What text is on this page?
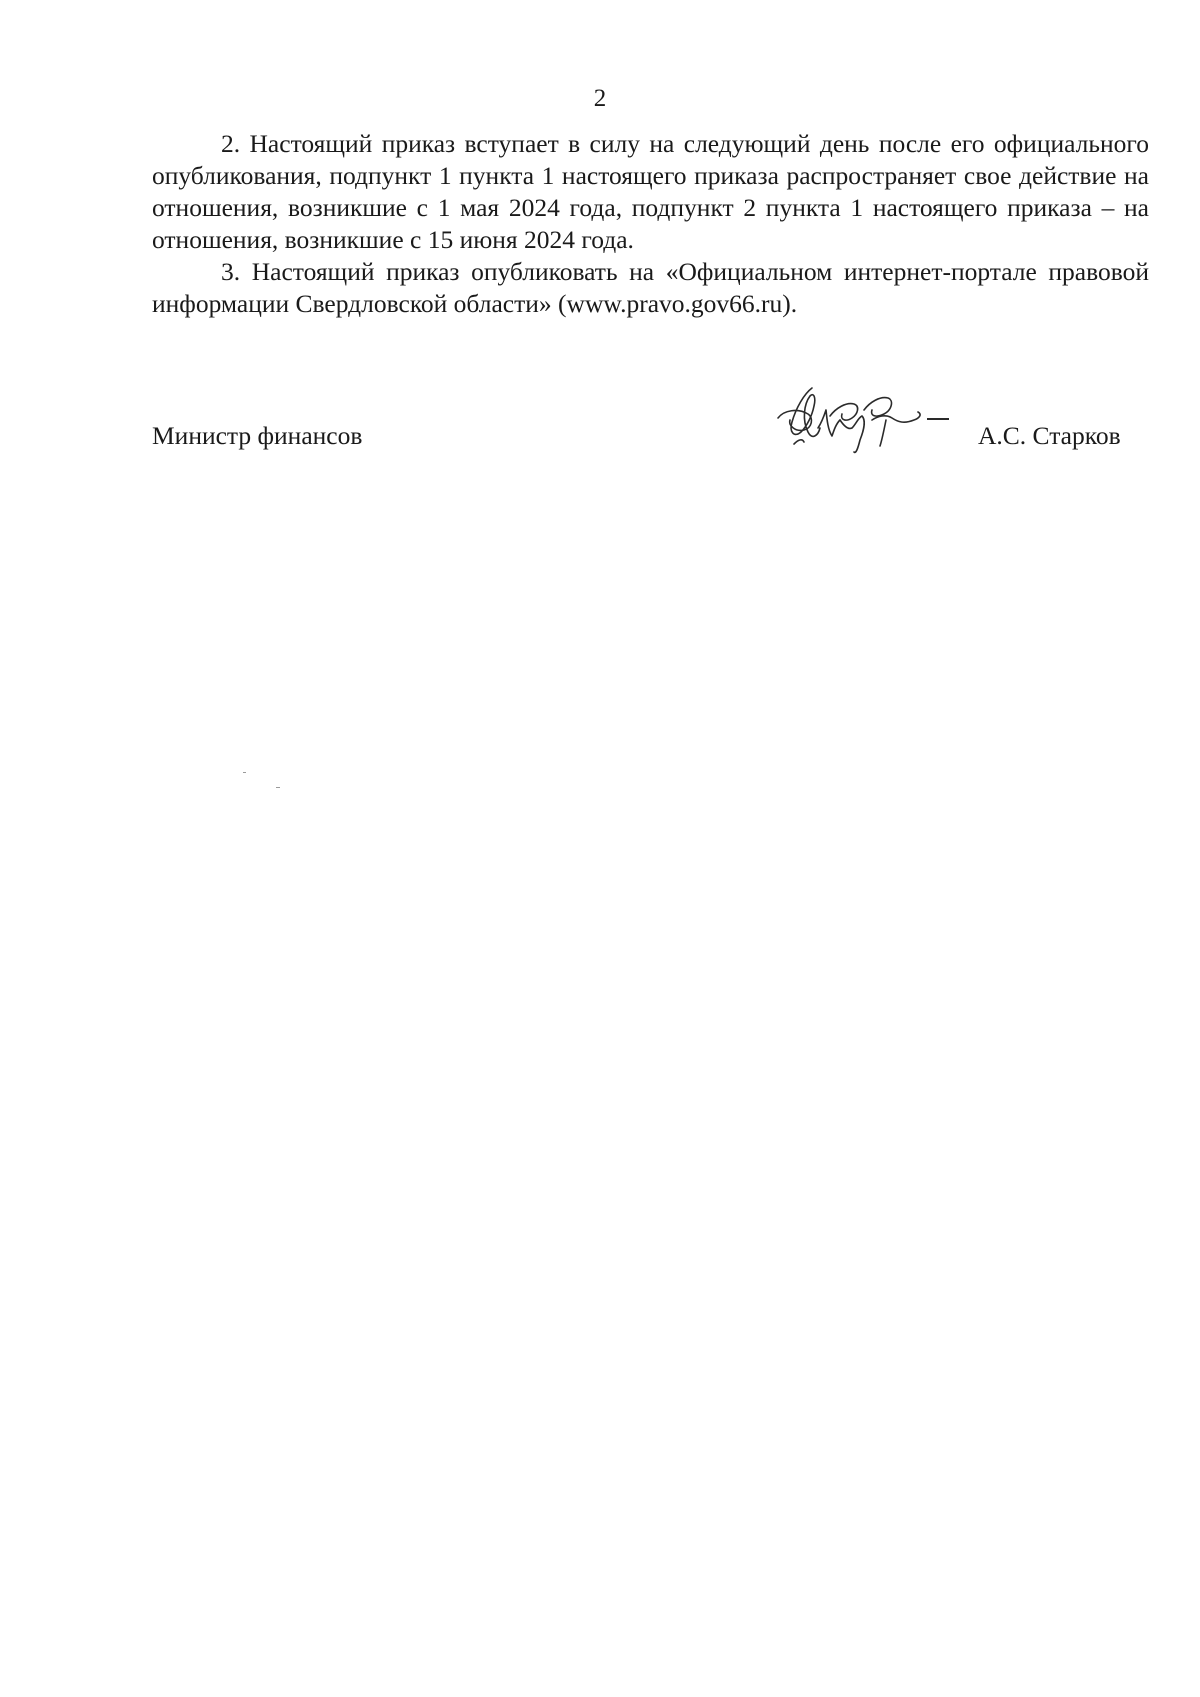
2

2. Настоящий приказ вступает в силу на следующий день после его официального опубликования, подпункт 1 пункта 1 настоящего приказа распространяет свое действие на отношения, возникшие с 1 мая 2024 года, подпункт 2 пункта 1 настоящего приказа – на отношения, возникшие с 15 июня 2024 года.

3. Настоящий приказ опубликовать на «Официальном интернет-портале правовой информации Свердловской области» (www.pravo.gov66.ru).

Министр финансов	А.С. Старков
